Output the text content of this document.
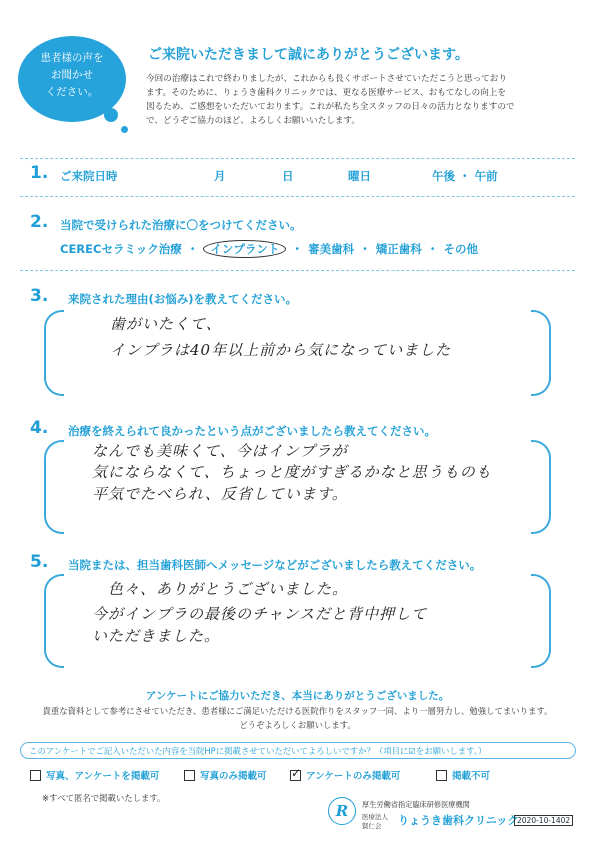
患者様の声を
お聞かせ
ください。
ご来院いただきまして誠にありがとうございます。
今回の治療はこれで終わりましたが、これからも長くサポートさせていただこうと思っており
ます。そのために、りょうき歯科クリニックでは、更なる医療サービス、おもてなしの向上を
図るため、ご感想をいただいております。これが私たち全スタッフの日々の活力となりますので
で、どうぞご協力のほど、よろしくお願いいたします。
1. ご来院日時	月	日	曜日	午後 ・ 午前
2. 当院で受けられた治療に〇をつけてください。
CERECセラミック治療 ・ インプラント ・ 審美歯科 ・ 矯正歯科 ・ その他
3. 来院された理由(お悩み)を教えてください。
歯がいたくて、
インプラは40年以上前から気になっていました
4. 治療を終えられて良かったという点がございましたら教えてください。
なんでも美味くて、今はインプラが
気にならなくて、ちょっと度がすぎるかなと思うものも
平気でたべられ、反省しています。
5. 当院または、担当歯科医師へメッセージなどがございましたら教えてください。
色々、ありがとうございました。
今がインプラの最後のチャンスだと背中押して
いただきました。
アンケートにご協力いただき、本当にありがとうございました。
貴重な資料として参考にさせていただき、患者様にご満足いただける医院作りをスタッフ一同、より一層努力し、勉強してまいります。
どうぞよろしくお願いします。
このアンケートでご記入いただいた内容を当院HPに掲載させていただいてよろしいですか？（項目に☑をお願いします。）
写真、アンケートを掲載可	写真のみ掲載可 ✓ アンケートのみ掲載可	掲載不可
※すべて匿名で掲載いたします。
R	厚生労働省指定臨床研修医療機関
医療法人
賢仁会 りょうき歯科クリニック
2020-10-1402
